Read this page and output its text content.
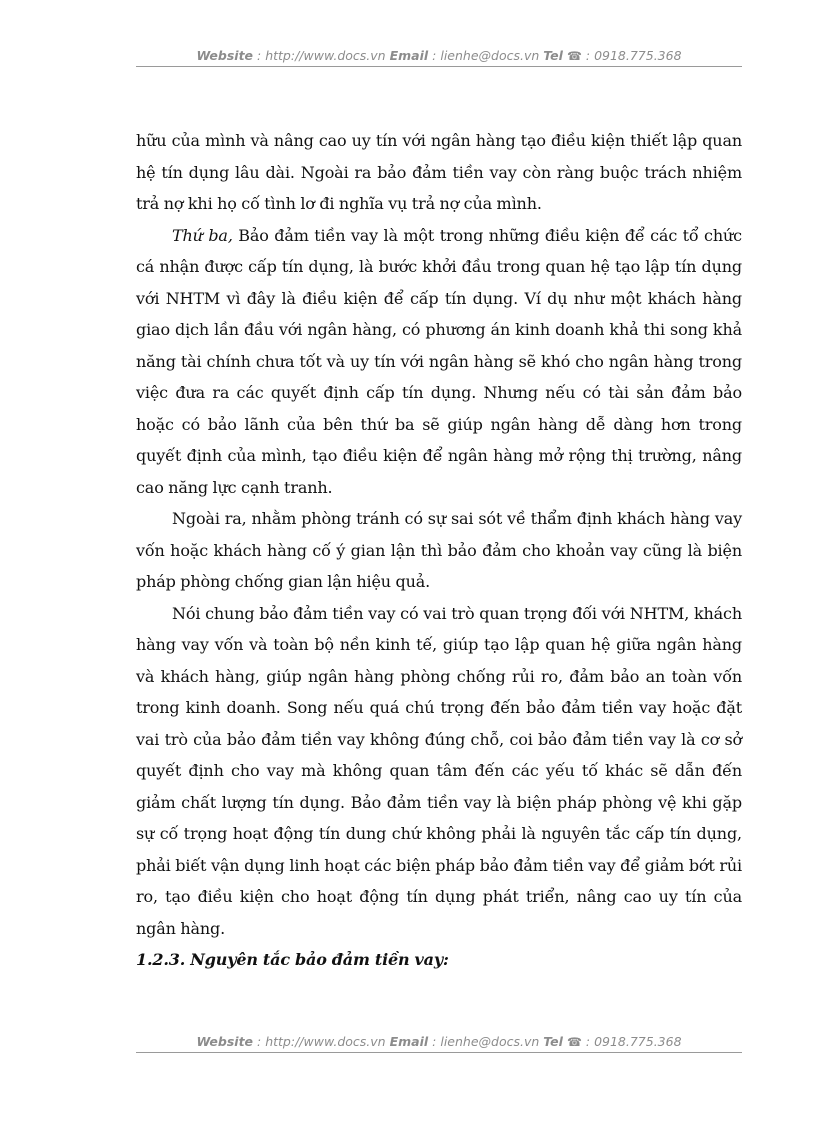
Website : http://www.docs.vn Email : lienhe@docs.vn Tel ☎ : 0918.775.368

hữu của mình và nâng cao uy tín với ngân hàng tạo điều kiện thiết lập quan hệ tín dụng lâu dài. Ngoài ra bảo đảm tiền vay còn ràng buộc trách nhiệm trả nợ khi họ cố tình lơ đi nghĩa vụ trả nợ của mình.

Thứ ba, Bảo đảm tiền vay là một trong những điều kiện để các tổ chức cá nhận được cấp tín dụng, là bước khởi đầu trong quan hệ tạo lập tín dụng với NHTM vì đây là điều kiện để cấp tín dụng. Ví dụ như một khách hàng giao dịch lần đầu với ngân hàng, có phương án kinh doanh khả thi song khả năng tài chính chưa tốt và uy tín với ngân hàng sẽ khó cho ngân hàng trong việc đưa ra các quyết định cấp tín dụng. Nhưng nếu có tài sản đảm bảo hoặc có bảo lãnh của bên thứ ba sẽ giúp ngân hàng dễ dàng hơn trong quyết định của mình, tạo điều kiện để ngân hàng mở rộng thị trường, nâng cao năng lực cạnh tranh.

Ngoài ra, nhằm phòng tránh có sự sai sót về thẩm định khách hàng vay vốn hoặc khách hàng cố ý gian lận thì bảo đảm cho khoản vay cũng là biện pháp phòng chống gian lận hiệu quả.

Nói chung bảo đảm tiền vay có vai trò quan trọng đối với NHTM, khách hàng vay vốn và toàn bộ nền kinh tế, giúp tạo lập quan hệ giữa ngân hàng và khách hàng, giúp ngân hàng phòng chống rủi ro, đảm bảo an toàn vốn trong kinh doanh. Song nếu quá chú trọng đến bảo đảm tiền vay hoặc đặt vai trò của bảo đảm tiền vay không đúng chỗ, coi bảo đảm tiền vay là cơ sở quyết định cho vay mà không quan tâm đến các yếu tố khác sẽ dẫn đến giảm chất lượng tín dụng. Bảo đảm tiền vay là biện pháp phòng vệ khi gặp sự cố trọng hoạt động tín dung chứ không phải là nguyên tắc cấp tín dụng, phải biết vận dụng linh hoạt các biện pháp bảo đảm tiền vay để giảm bớt rủi ro, tạo điều kiện cho hoạt động tín dụng phát triển, nâng cao uy tín của ngân hàng.

1.2.3. Nguyên tắc bảo đảm tiền vay:

Website : http://www.docs.vn Email : lienhe@docs.vn Tel ☎ : 0918.775.368
